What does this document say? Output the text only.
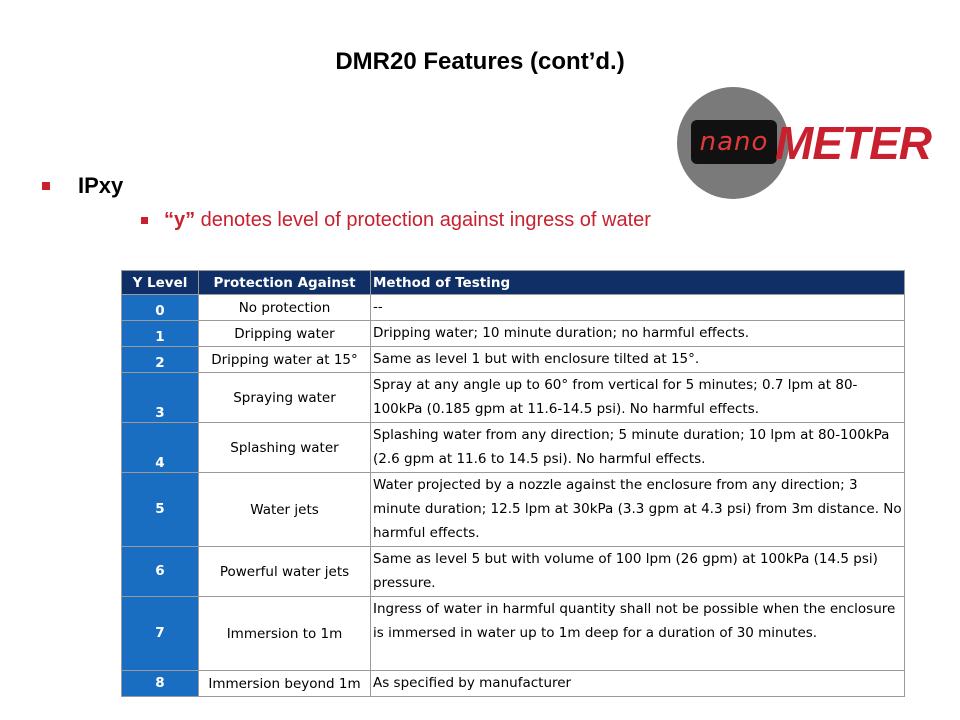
DMR20 Features (cont’d.)
nano METER
IPxy
“y” denotes level of protection against ingress of water
Y Level	Protection Against	Method of Testing
0	No protection	--
1	Dripping water	Dripping water; 10 minute duration; no harmful effects.
2	Dripping water at 15°	Same as level 1 but with enclosure tilted at 15°.
3	Spraying water	Spray at any angle up to 60° from vertical for 5 minutes; 0.7 lpm at 80-100kPa (0.185 gpm at 11.6-14.5 psi). No harmful effects.
4	Splashing water	Splashing water from any direction; 5 minute duration; 10 lpm at 80-100kPa (2.6 gpm at 11.6 to 14.5 psi). No harmful effects.
5	Water jets	Water projected by a nozzle against the enclosure from any direction; 3 minute duration; 12.5 lpm at 30kPa (3.3 gpm at 4.3 psi) from 3m distance. No harmful effects.
6	Powerful water jets	Same as level 5 but with volume of 100 lpm (26 gpm) at 100kPa (14.5 psi) pressure.
7	Immersion to 1m	Ingress of water in harmful quantity shall not be possible when the enclosure is immersed in water up to 1m deep for a duration of 30 minutes.
8	Immersion beyond 1m	As specified by manufacturer
